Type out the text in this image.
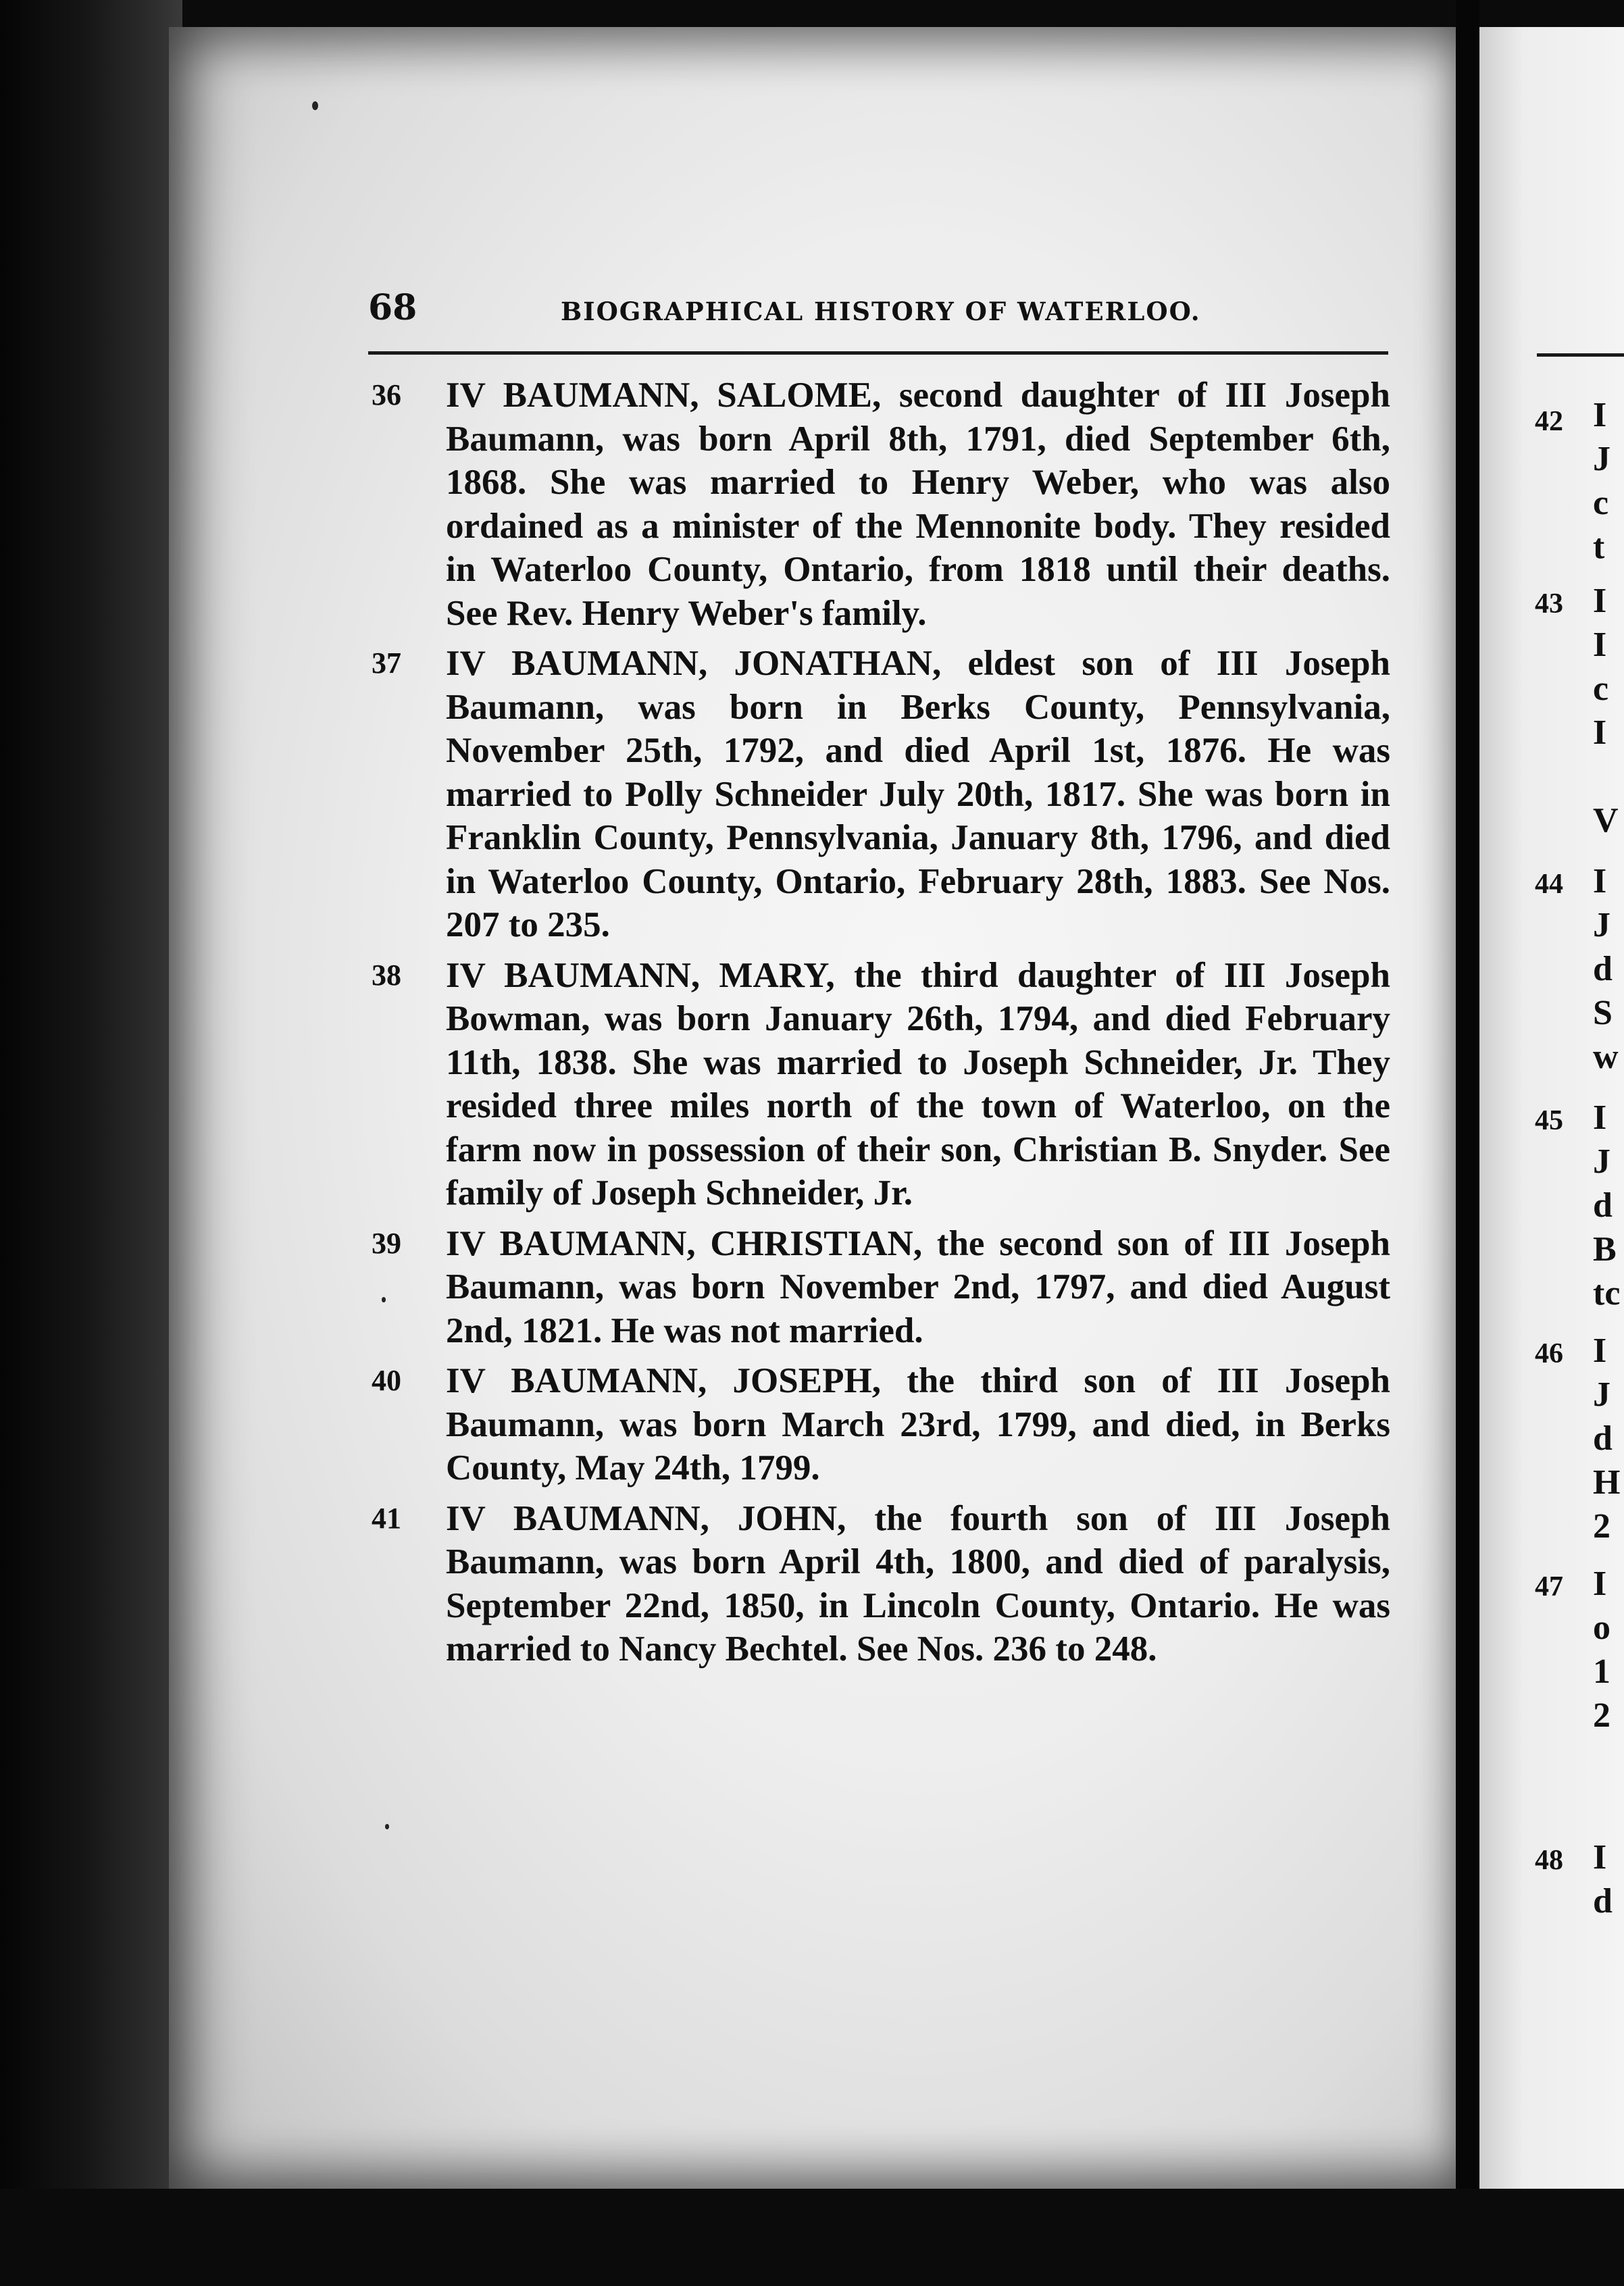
68	BIOGRAPHICAL HISTORY OF WATERLOO.
36 IV BAUMANN, SALOME, second daughter of III Joseph Baumann, was born April 8th, 1791, died September 6th, 1868. She was married to Henry Weber, who was also ordained as a minister of the Mennonite body. They resided in Waterloo County, Ontario, from 1818 until their deaths. See Rev. Henry Weber's family.
37 IV BAUMANN, JONATHAN, eldest son of III Joseph Baumann, was born in Berks County, Pennsylvania, November 25th, 1792, and died April 1st, 1876. He was married to Polly Schneider July 20th, 1817. She was born in Franklin County, Pennsylvania, January 8th, 1796, and died in Waterloo County, Ontario, February 28th, 1883. See Nos. 207 to 235.
38 IV BAUMANN, MARY, the third daughter of III Joseph Bowman, was born January 26th, 1794, and died February 11th, 1838. She was married to Joseph Schneider, Jr. They resided three miles north of the town of Waterloo, on the farm now in possession of their son, Christian B. Snyder. See family of Joseph Schneider, Jr.
39 IV BAUMANN, CHRISTIAN, the second son of III Joseph Baumann, was born November 2nd, 1797, and died August 2nd, 1821. He was not married.
40 IV BAUMANN, JOSEPH, the third son of III Joseph Baumann, was born March 23rd, 1799, and died, in Berks County, May 24th, 1799.
41 IV BAUMANN, JOHN, the fourth son of III Joseph Baumann, was born April 4th, 1800, and died of paralysis, September 22nd, 1850, in Lincoln County, Ontario. He was married to Nancy Bechtel. See Nos. 236 to 248.
42
43
44
45
46
47
48
I
J
c
t
I
I
c
I
V
I
J
d
S
w
I
J
d
B
tc
I
J
d
H
2
I
o
1
2
I
d
